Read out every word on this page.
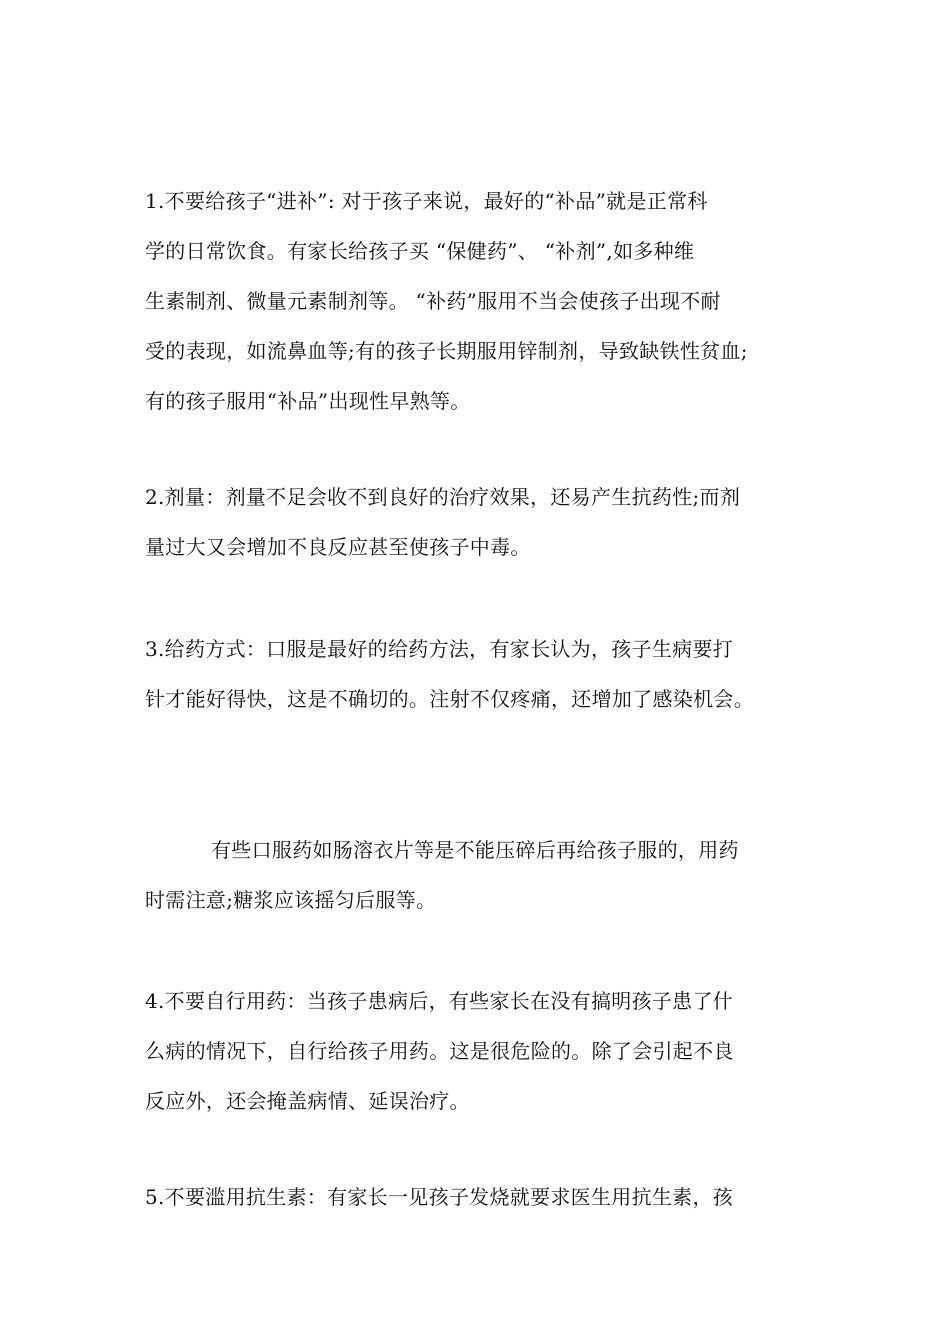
1.不要给孩子“进补”: 对于孩子来说，最好的“补品”就是正常科
学的日常饮食。有家长给孩子买 “保健药”、 “补剂”,如多种维
生素制剂、微量元素制剂等。 “补药”服用不当会使孩子出现不耐
受的表现，如流鼻血等;有的孩子长期服用锌制剂，导致缺铁性贫血;
有的孩子服用“补品”出现性早熟等。

2.剂量：剂量不足会收不到良好的治疗效果，还易产生抗药性;而剂
量过大又会增加不良反应甚至使孩子中毒。

3.给药方式：口服是最好的给药方法，有家长认为，孩子生病要打
针才能好得快，这是不确切的。注射不仅疼痛，还增加了感染机会。

有些口服药如肠溶衣片等是不能压碎后再给孩子服的，用药
时需注意;糖浆应该摇匀后服等。

4.不要自行用药：当孩子患病后，有些家长在没有搞明孩子患了什
么病的情况下，自行给孩子用药。这是很危险的。除了会引起不良
反应外，还会掩盖病情、延误治疗。

5.不要滥用抗生素：有家长一见孩子发烧就要求医生用抗生素，孩
